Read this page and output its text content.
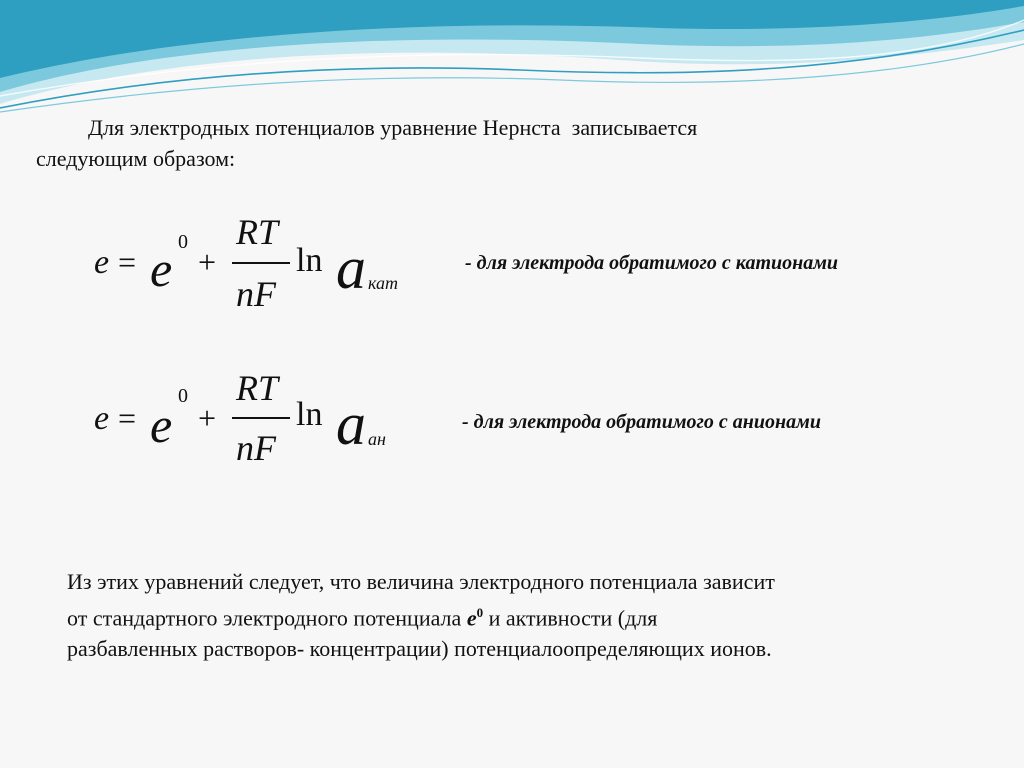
Для электродных потенциалов уравнение Нернста  записывается
следующим образом:
e = e 0
+
RT
nF
ln a кат
- для электрода обратимого с катионами
e = e
0
+
RT
nF
ln a ан
- для электрода обратимого с анионами
Из этих уравнений следует, что величина электродного потенциала зависит
от стандартного электродного потенциала $e^0$ и активности (для
разбавленных растворов- концентрации) потенциалоопределяющих ионов.
